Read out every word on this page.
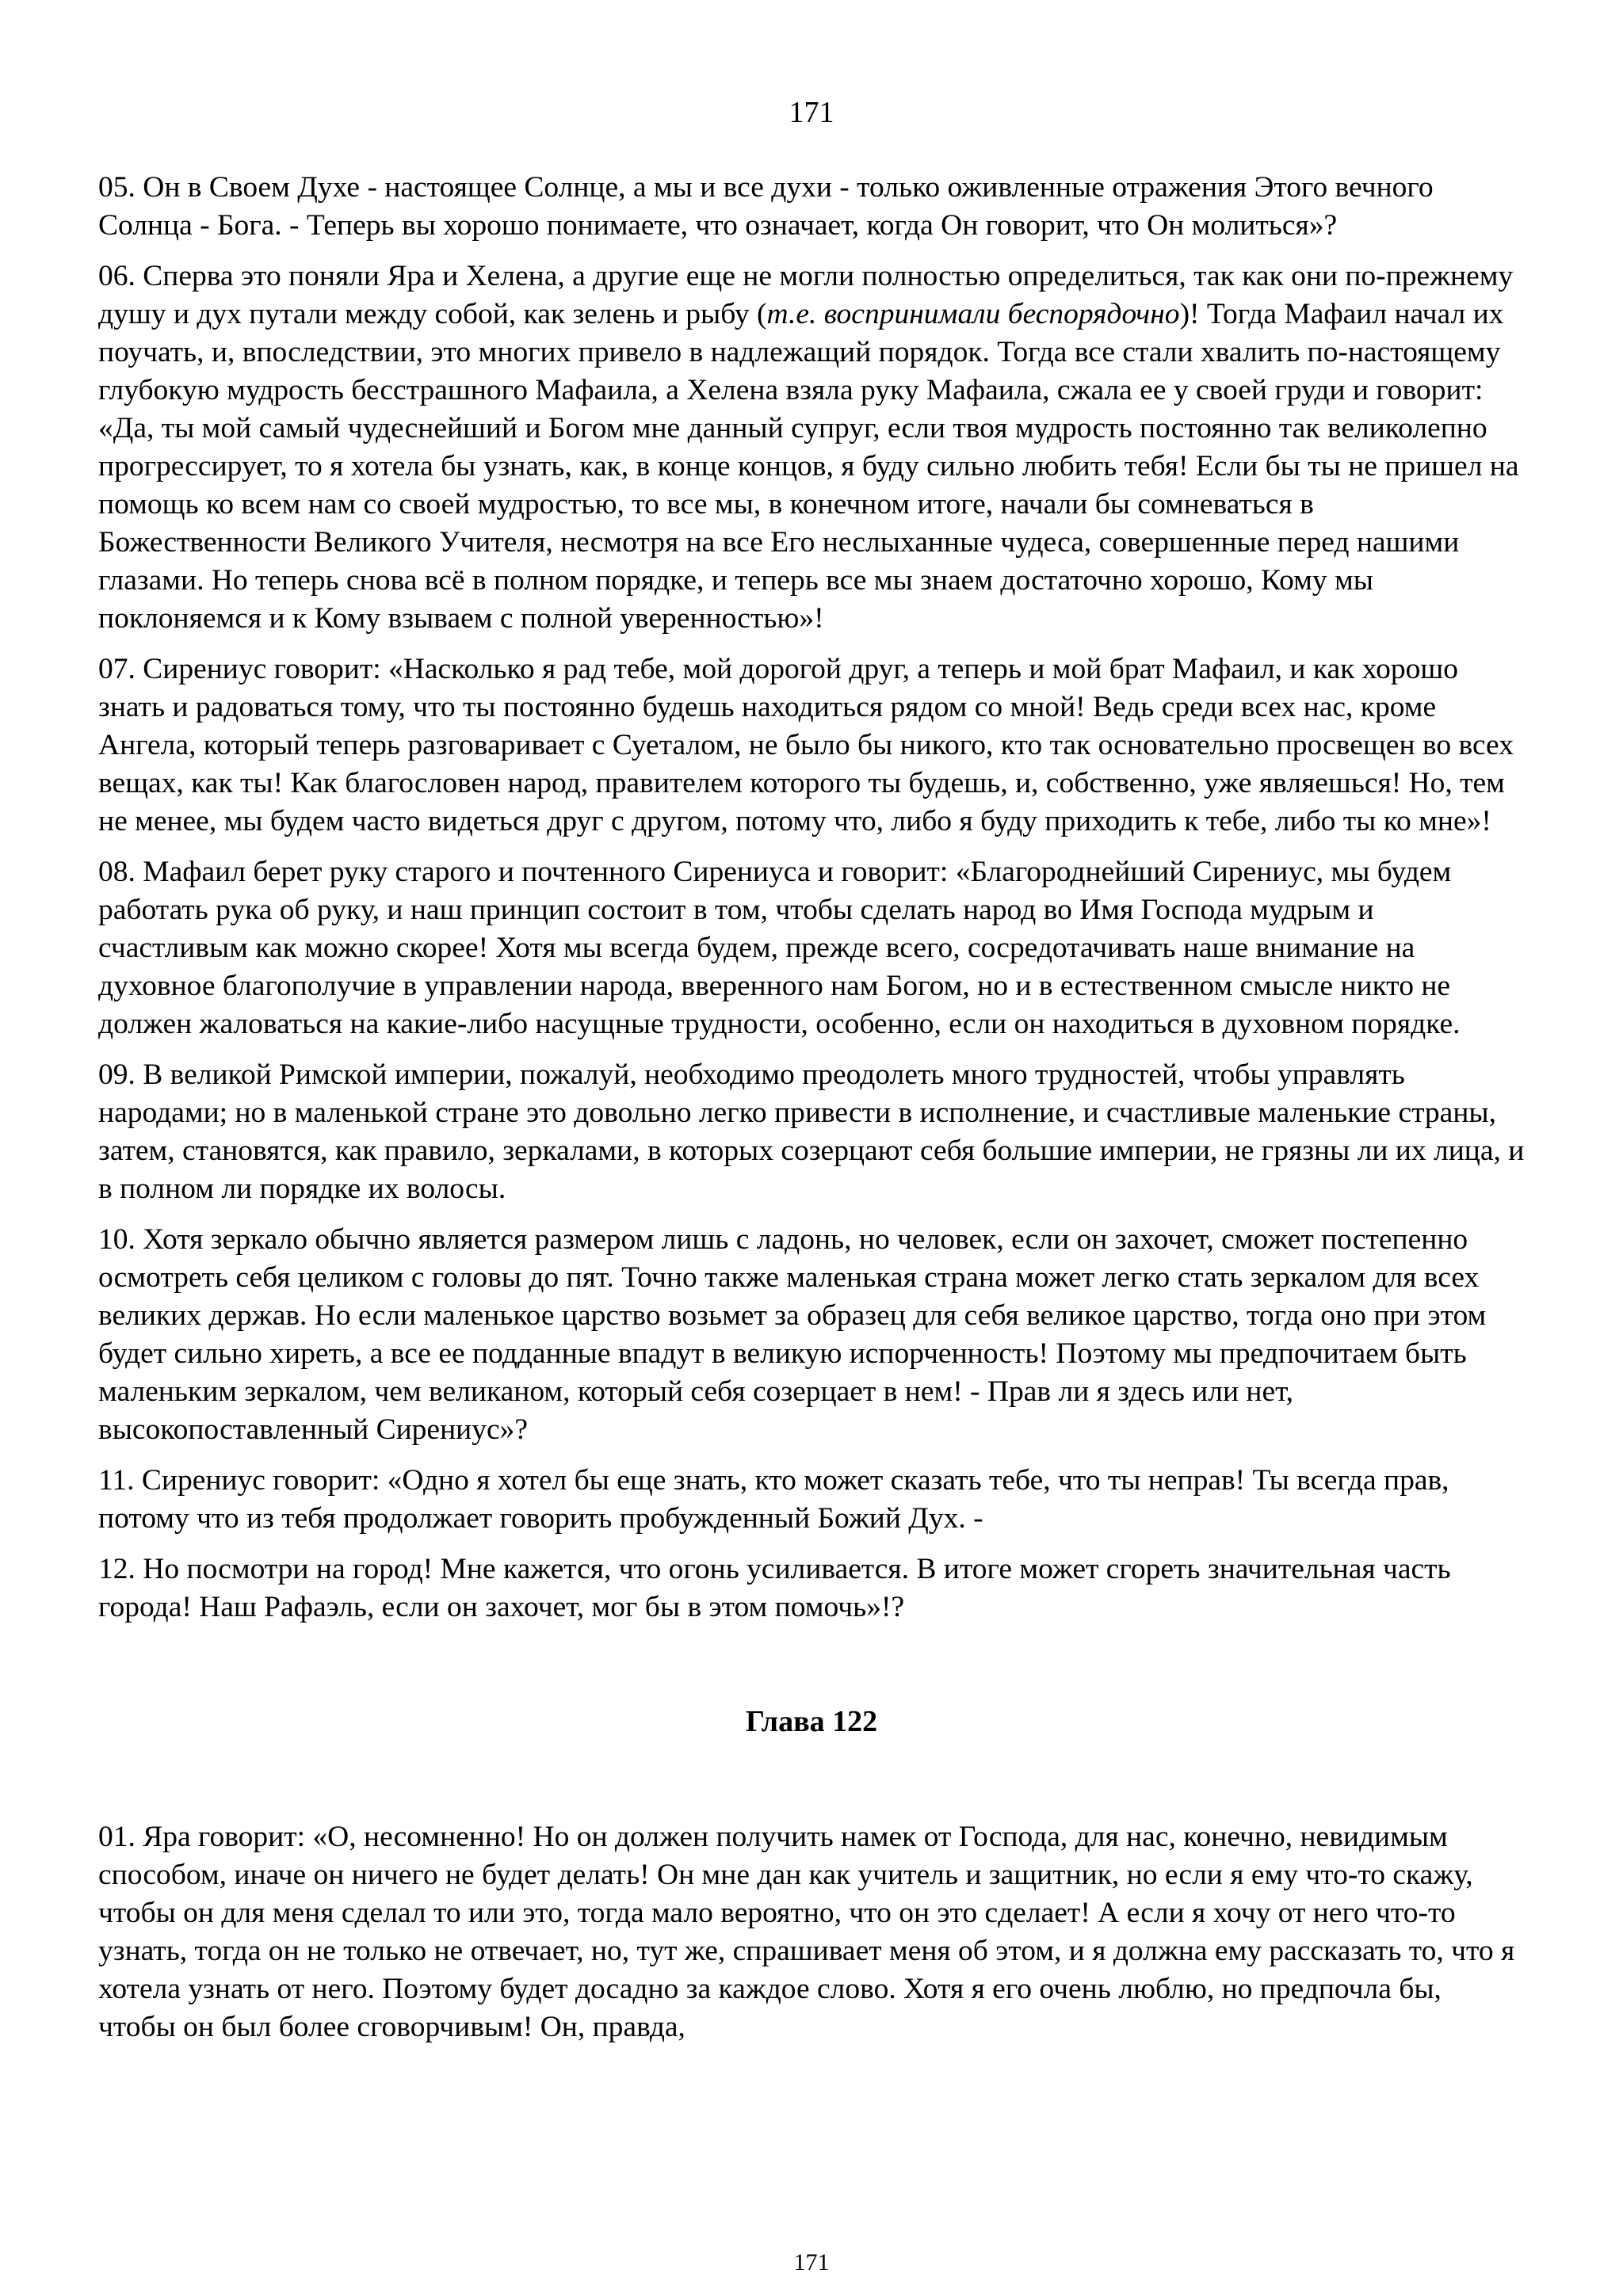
171

05. Он в Своем Духе - настоящее Солнце, а мы и все духи - только оживленные отражения Этого вечного Солнца - Бога. - Теперь вы хорошо понимаете, что означает, когда Он говорит, что Он молиться»?

06. Сперва это поняли Яра и Хелена, а другие еще не могли полностью определиться, так как они по-прежнему душу и дух путали между собой, как зелень и рыбу (т.е. воспринимали беспорядочно)! Тогда Мафаил начал их поучать, и, впоследствии, это многих привело в надлежащий порядок. Тогда все стали хвалить по-настоящему глубокую мудрость бесстрашного Мафаила, а Хелена взяла руку Мафаила, сжала ее у своей груди и говорит: «Да, ты мой самый чудеснейший и Богом мне данный супруг, если твоя мудрость постоянно так великолепно прогрессирует, то я хотела бы узнать, как, в конце концов, я буду сильно любить тебя! Если бы ты не пришел на помощь ко всем нам со своей мудростью, то все мы, в конечном итоге, начали бы сомневаться в Божественности Великого Учителя, несмотря на все Его неслыханные чудеса, совершенные перед нашими глазами. Но теперь снова всё в полном порядке, и теперь все мы знаем достаточно хорошо, Кому мы поклоняемся и к Кому взываем с полной уверенностью»!

07. Сирениус говорит: «Насколько я рад тебе, мой дорогой друг, а теперь и мой брат Мафаил, и как хорошо знать и радоваться тому, что ты постоянно будешь находиться рядом со мной! Ведь среди всех нас, кроме Ангела, который теперь разговаривает с Суеталом, не было бы никого, кто так основательно просвещен во всех вещах, как ты! Как благословен народ, правителем которого ты будешь, и, собственно, уже являешься! Но, тем не менее, мы будем часто видеться друг с другом, потому что, либо я буду приходить к тебе, либо ты ко мне»!

08. Мафаил берет руку старого и почтенного Сирениуса и говорит: «Благороднейший Сирениус, мы будем работать рука об руку, и наш принцип состоит в том, чтобы сделать народ во Имя Господа мудрым и счастливым как можно скорее! Хотя мы всегда будем, прежде всего, сосредотачивать наше внимание на духовное благополучие в управлении народа, вверенного нам Богом, но и в естественном смысле никто не должен жаловаться на какие-либо насущные трудности, особенно, если он находиться в духовном порядке.

09. В великой Римской империи, пожалуй, необходимо преодолеть много трудностей, чтобы управлять народами; но в маленькой стране это довольно легко привести в исполнение, и счастливые маленькие страны, затем, становятся, как правило, зеркалами, в которых созерцают себя большие империи, не грязны ли их лица, и в полном ли порядке их волосы.

10. Хотя зеркало обычно является размером лишь с ладонь, но человек, если он захочет, сможет постепенно осмотреть себя целиком с головы до пят. Точно также маленькая страна может легко стать зеркалом для всех великих держав. Но если маленькое царство возьмет за образец для себя великое царство, тогда оно при этом будет сильно хиреть, а все ее подданные впадут в великую испорченность! Поэтому мы предпочитаем быть маленьким зеркалом, чем великаном, который себя созерцает в нем! - Прав ли я здесь или нет, высокопоставленный Сирениус»?

11. Сирениус говорит: «Одно я хотел бы еще знать, кто может сказать тебе, что ты неправ! Ты всегда прав, потому что из тебя продолжает говорить пробужденный Божий Дух. -

12. Но посмотри на город! Мне кажется, что огонь усиливается. В итоге может сгореть значительная часть города! Наш Рафаэль, если он захочет, мог бы в этом помочь»!?

Глава 122

01. Яра говорит: «О, несомненно! Но он должен получить намек от Господа, для нас, конечно, невидимым способом, иначе он ничего не будет делать! Он мне дан как учитель и защитник, но если я ему что-то скажу, чтобы он для меня сделал то или это, тогда мало вероятно, что он это сделает! А если я хочу от него что-то узнать, тогда он не только не отвечает, но, тут же, спрашивает меня об этом, и я должна ему рассказать то, что я хотела узнать от него. Поэтому будет досадно за каждое слово. Хотя я его очень люблю, но предпочла бы, чтобы он был более сговорчивым! Он, правда,

171
